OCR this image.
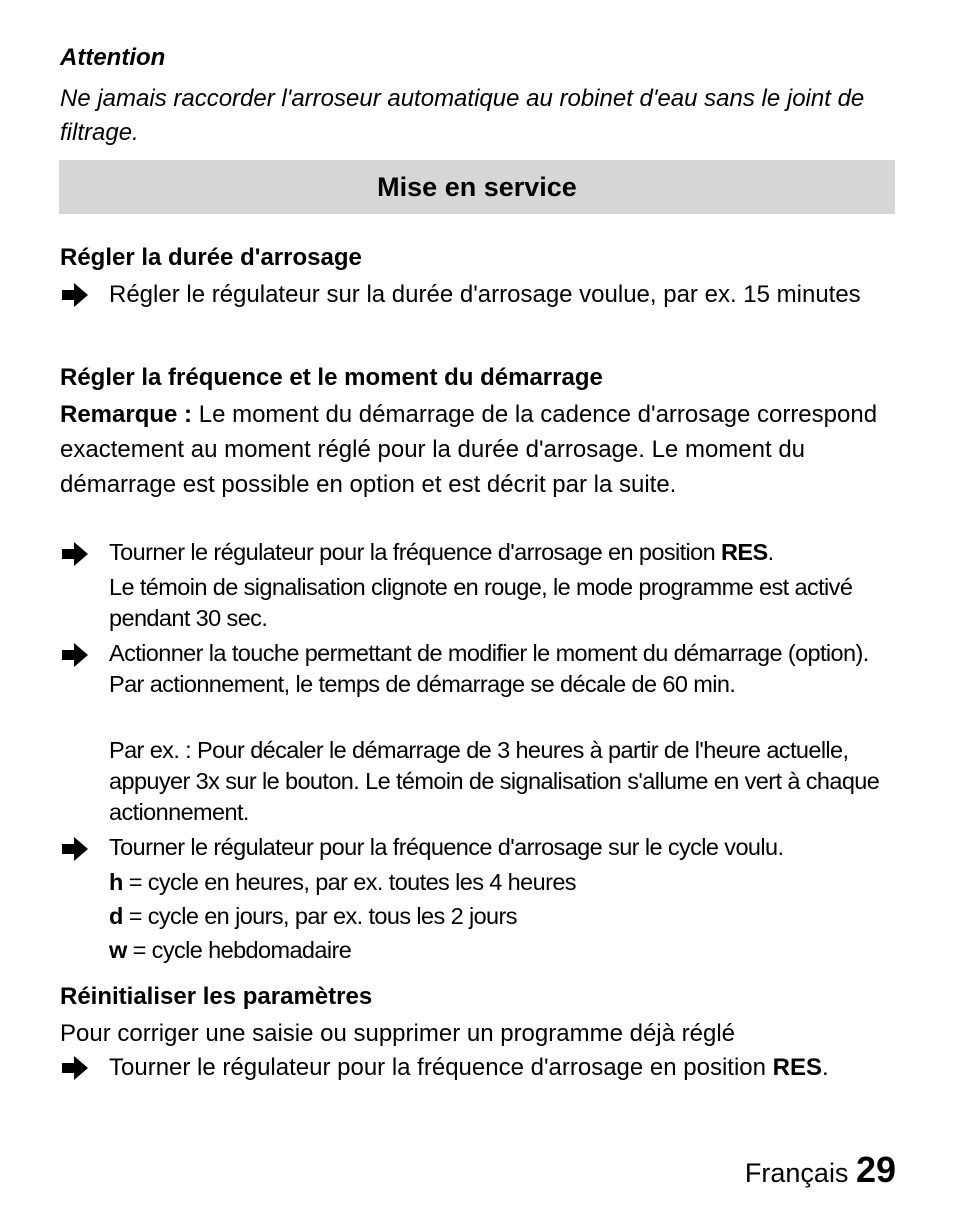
Attention
Ne jamais raccorder l'arroseur automatique au robinet d'eau sans le joint de filtrage.
Mise en service
Régler la durée d'arrosage
Régler le régulateur sur la durée d'arrosage voulue, par ex. 15 minutes
Régler la fréquence et le moment du démarrage
Remarque : Le moment du démarrage de la cadence d'arrosage correspond exactement au moment réglé pour la durée d'arrosage. Le moment du démarrage est possible en option et est décrit par la suite.
Tourner le régulateur pour la fréquence d'arrosage en position RES.
Le témoin de signalisation clignote en rouge, le mode programme est activé pendant 30 sec.
Actionner la touche permettant de modifier le moment du démarrage (option). Par actionnement, le temps de démarrage se décale de 60 min.
Par ex. : Pour décaler le démarrage de 3 heures à partir de l'heure actuelle, appuyer 3x sur le bouton. Le témoin de signalisation s'allume en vert à chaque actionnement.
Tourner le régulateur pour la fréquence d'arrosage sur le cycle voulu.
h = cycle en heures, par ex. toutes les 4 heures
d = cycle en jours, par ex. tous les 2 jours
w = cycle hebdomadaire
Réinitialiser les paramètres
Pour corriger une saisie ou supprimer un programme déjà réglé
Tourner le régulateur pour la fréquence d'arrosage en position RES.
Français 29
